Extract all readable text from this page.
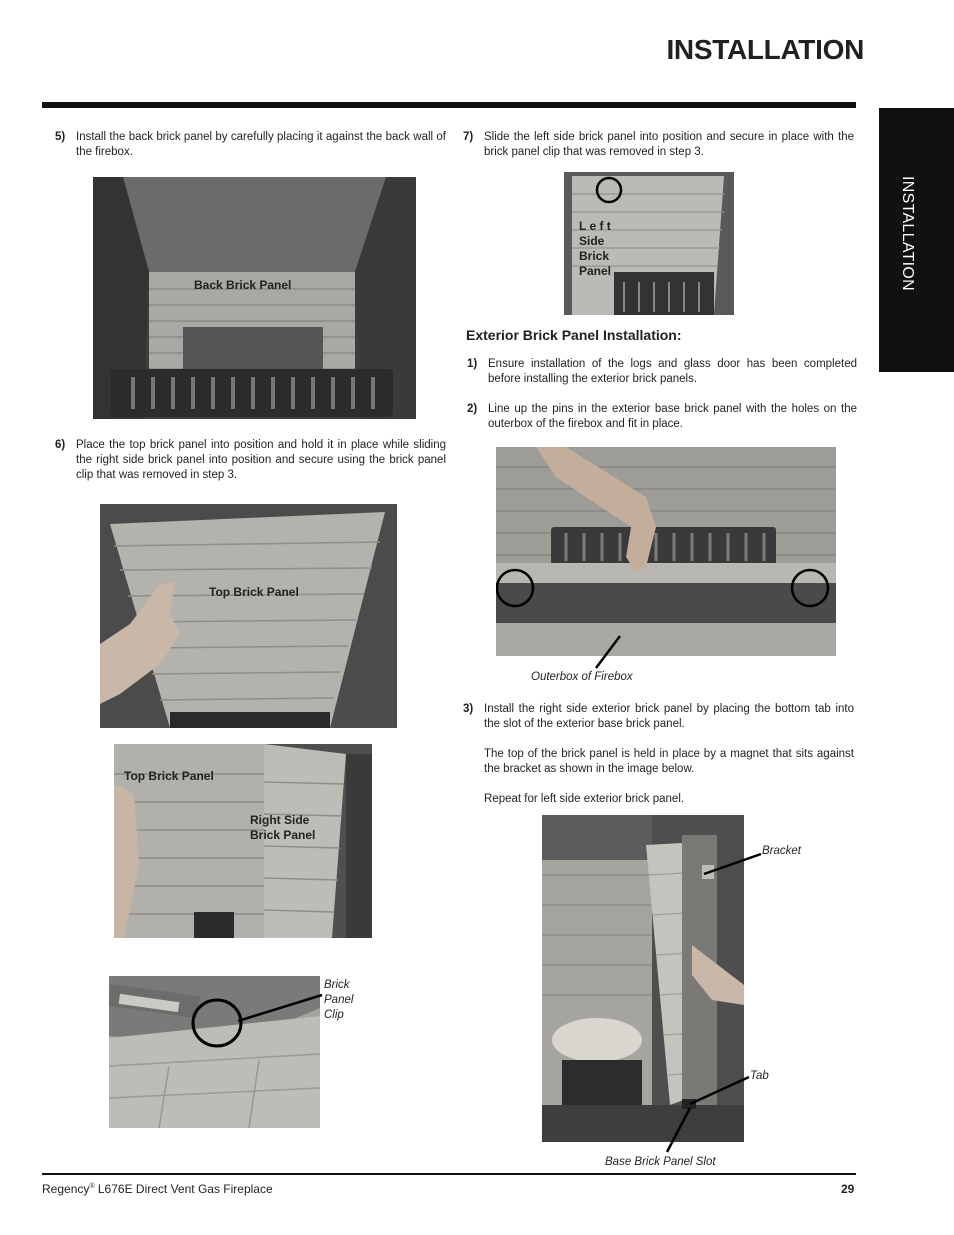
INSTALLATION
INSTALLATION
5) Install the back brick panel by carefully placing it against the back wall of the firebox.
Back Brick Panel
6) Place the top brick panel into position and hold it in place while sliding the right side brick panel into position and secure using the brick panel clip that was removed in step 3.
Top Brick Panel
Top Brick Panel
Right Side
Brick Panel
Brick
Panel
Clip
7) Slide the left side brick panel into position and secure in place with the brick panel clip that was removed in step 3.
L e f t
Side
Brick
Panel
Exterior Brick Panel Installation:
1) Ensure installation of the logs and glass door has been completed before installing the exterior brick panels.
2) Line up the pins in the exterior base brick panel with the holes on the outerbox of the firebox and fit in place.
Outerbox of Firebox
3) Install the right side exterior brick panel by placing the bottom tab into the slot of the exterior base brick panel.
The top of the brick panel is held in place by a magnet that sits against the bracket as shown in the image below.
Repeat for left side exterior brick panel.
Bracket
Tab
Base Brick Panel Slot
Regency® L676E Direct Vent Gas Fireplace	29
